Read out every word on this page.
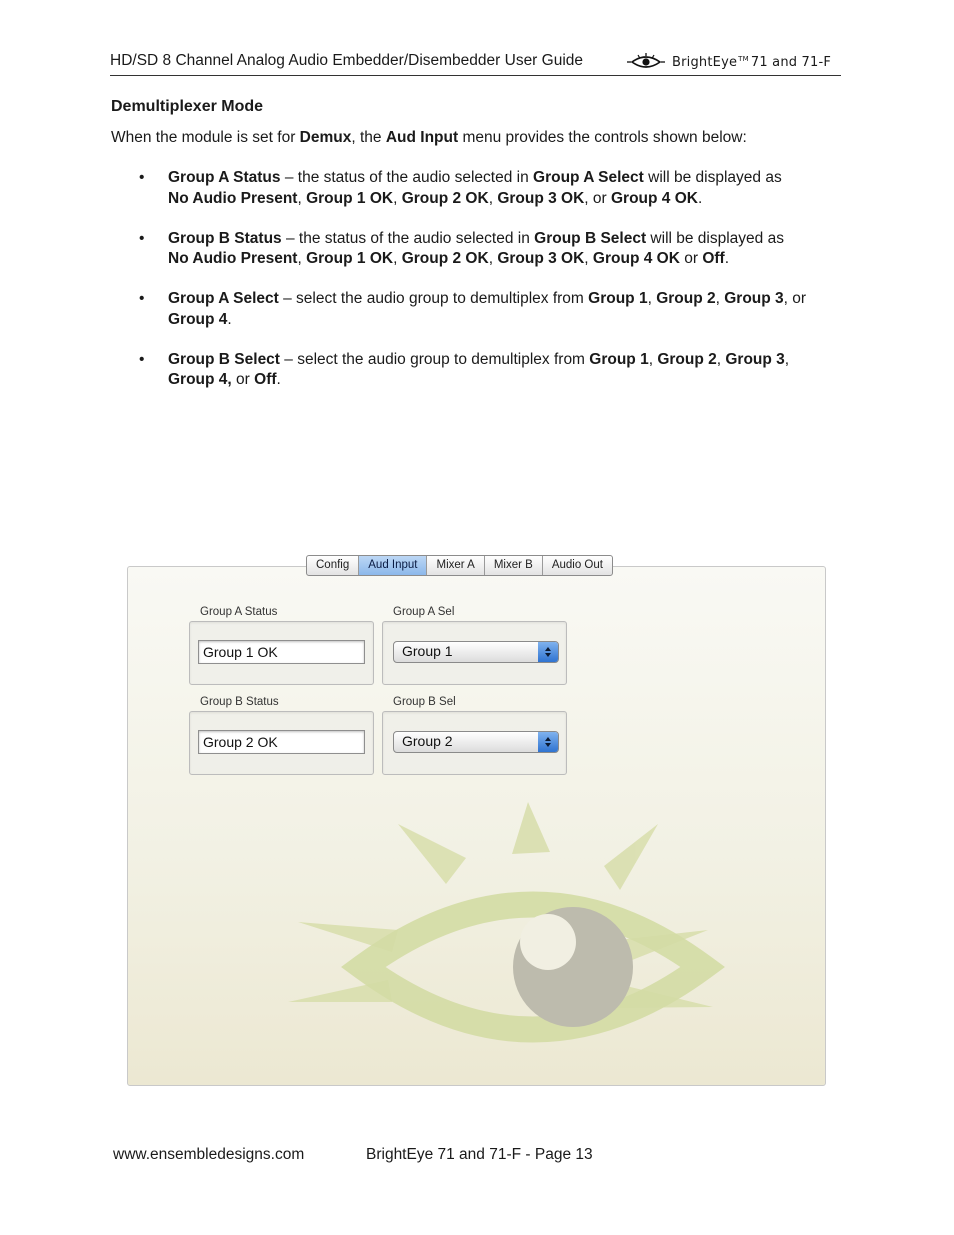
HD/SD 8 Channel Analog Audio Embedder/Disembedder User Guide	BrightEye™ 71 and 71-F
Demultiplexer Mode
When the module is set for Demux, the Aud Input menu provides the controls shown below:
• Group A Status – the status of the audio selected in Group A Select will be displayed as
No Audio Present, Group 1 OK, Group 2 OK, Group 3 OK, or Group 4 OK.
• Group B Status – the status of the audio selected in Group B Select will be displayed as
No Audio Present, Group 1 OK, Group 2 OK, Group 3 OK, Group 4 OK or Off.
• Group A Select – select the audio group to demultiplex from Group 1, Group 2, Group 3, or Group 4.
• Group B Select – select the audio group to demultiplex from Group 1, Group 2, Group 3, Group 4, or Off.
Config	Aud Input	Mixer A	Mixer B	Audio Out
Group A Status
Group 1 OK
Group A Sel
Group 1
Group B Status
Group 2 OK
Group B Sel
Group 2
www.ensembledesigns.com	BrightEye 71 and 71-F - Page 13
